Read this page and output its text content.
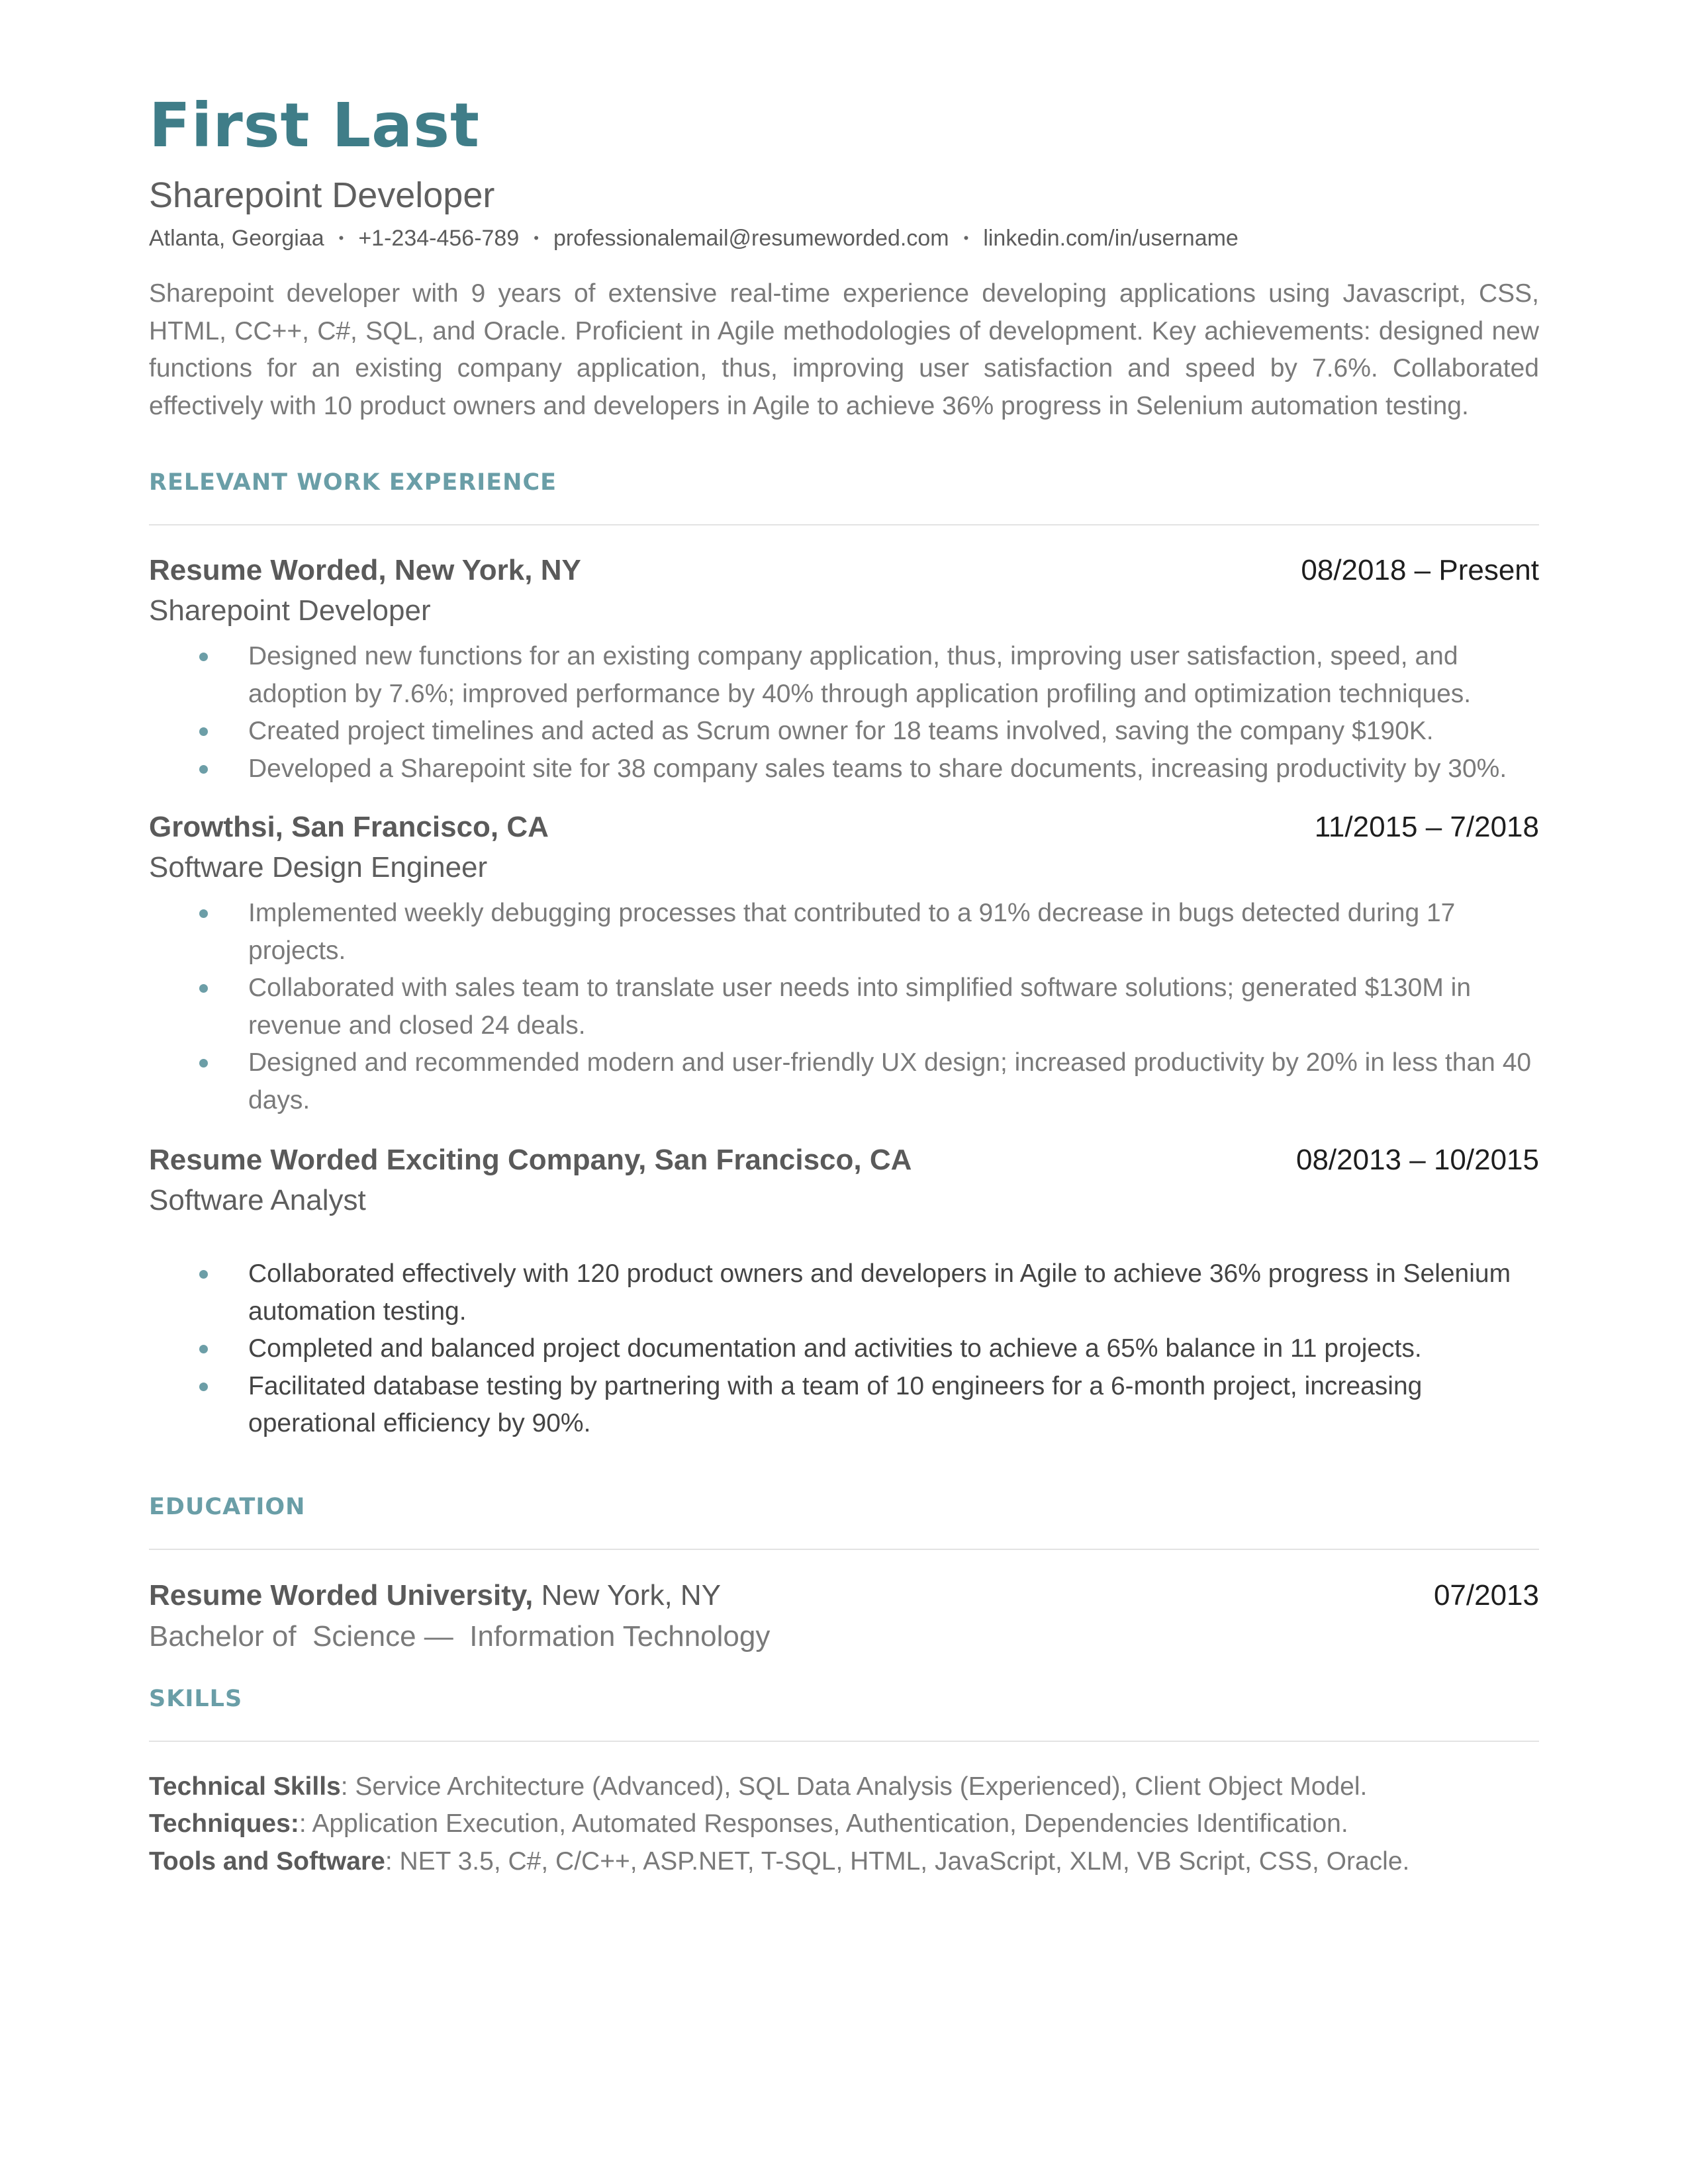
First Last
Sharepoint Developer
Atlanta, Georgiaa • +1-234-456-789 • professionalemail@resumeworded.com • linkedin.com/in/username
Sharepoint developer with 9 years of extensive real-time experience developing applications using Javascript, CSS, HTML, CC++, C#, SQL, and Oracle. Proficient in Agile methodologies of development. Key achievements: designed new functions for an existing company application, thus, improving user satisfaction and speed by 7.6%. Collaborated effectively with 10 product owners and developers in Agile to achieve 36% progress in Selenium automation testing.
RELEVANT WORK EXPERIENCE
Resume Worded, New York, NY	08/2018 – Present
Sharepoint Developer
Designed new functions for an existing company application, thus, improving user satisfaction, speed, and adoption by 7.6%; improved performance by 40% through application profiling and optimization techniques.
Created project timelines and acted as Scrum owner for 18 teams involved, saving the company $190K.
Developed a Sharepoint site for 38 company sales teams to share documents, increasing productivity by 30%.
Growthsi, San Francisco, CA	11/2015 – 7/2018
Software Design Engineer
Implemented weekly debugging processes that contributed to a 91% decrease in bugs detected during 17 projects.
Collaborated with sales team to translate user needs into simplified software solutions; generated $130M in revenue and closed 24 deals.
Designed and recommended modern and user-friendly UX design; increased productivity by 20% in less than 40 days.
Resume Worded Exciting Company, San Francisco, CA	08/2013 – 10/2015
Software Analyst
Collaborated effectively with 120 product owners and developers in Agile to achieve 36% progress in Selenium automation testing.
Completed and balanced project documentation and activities to achieve a 65% balance in 11 projects.
Facilitated database testing by partnering with a team of 10 engineers for a 6-month project, increasing operational efficiency by 90%.
EDUCATION
Resume Worded University, New York, NY	07/2013
Bachelor of  Science —  Information Technology
SKILLS
Technical Skills: Service Architecture (Advanced), SQL Data Analysis (Experienced), Client Object Model.
Techniques:: Application Execution, Automated Responses, Authentication, Dependencies Identification.
Tools and Software: NET 3.5, C#, C/C++, ASP.NET, T-SQL, HTML, JavaScript, XLM, VB Script, CSS, Oracle.
